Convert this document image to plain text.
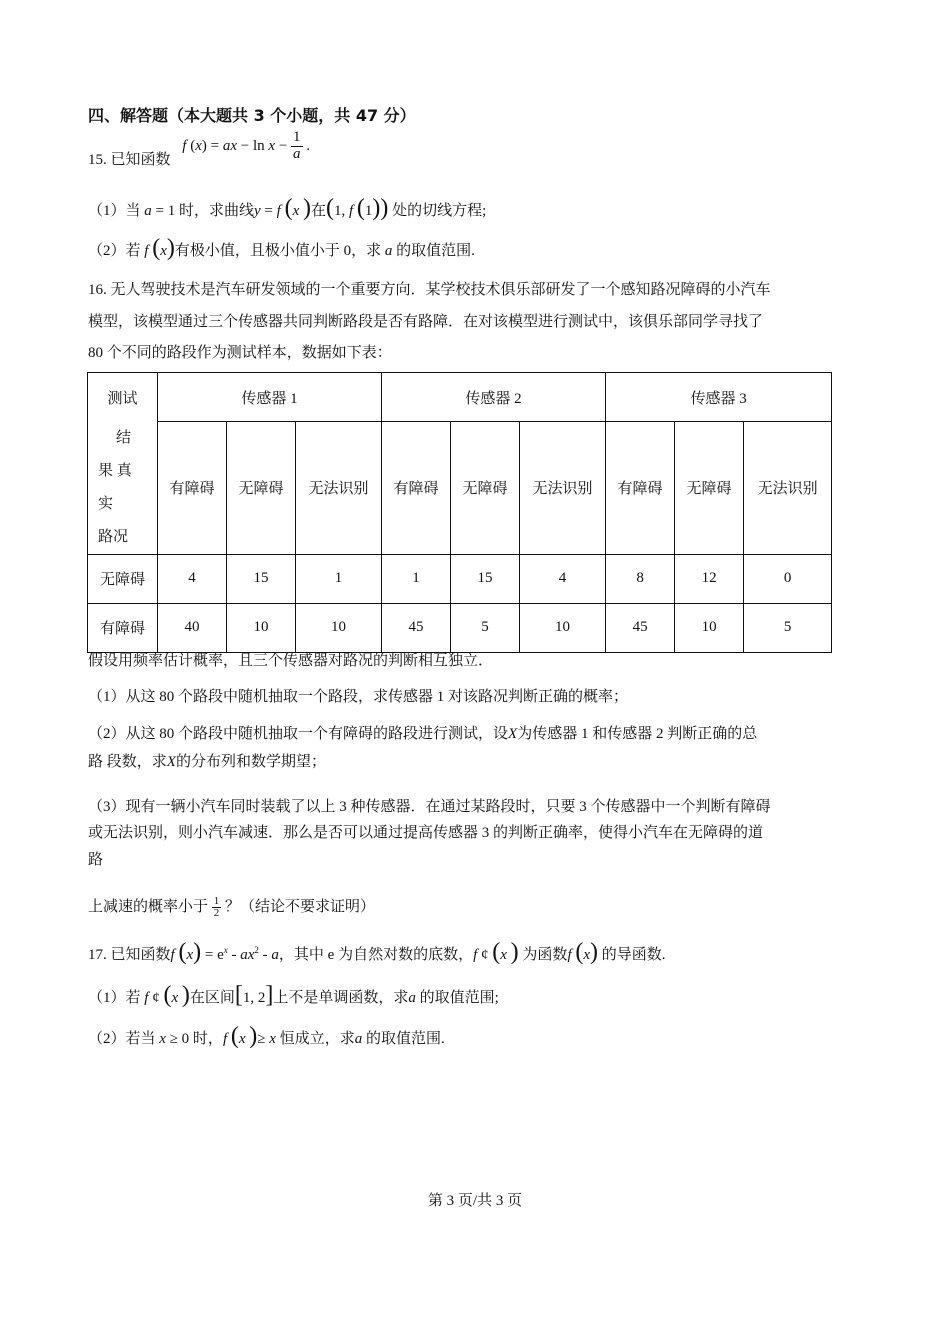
四、解答题（本大题共 3 个小题，共 47 分）
15. 已知函数 f (x) = ax − $\ln x - \frac{1}{a}$ .
（1）当 a = 1 时，求曲线y = f (x )在(1, f (1)) 处的切线方程;
（2）若 f (x)有极小值，且极小值小于 0，求 a 的取值范围.
16. 无人驾驶技术是汽车研发领域的一个重要方向．某学校技术俱乐部研发了一个感知路况障碍的小汽车
模型，该模型通过三个传感器共同判断路段是否有路障．在对该模型进行测试中，该俱乐部同学寻找了
80 个不同的路段作为测试样本，数据如下表：
测试	传感器 1			传感器 2			传感器 3		

结
果 真
实
路况	有障碍	无障碍	无法识别	有障碍	无障碍	无法识别	有障碍	无障碍	无法识别
无障碍	4	15	1	1	15	4	8	12	0
有障碍	40	10	10	45	5	10	45	10	5
假设用频率估计概率，且三个传感器对路况的判断相互独立．
（1）从这 80 个路段中随机抽取一个路段，求传感器 1 对该路况判断正确的概率；
（2）从这 80 个路段中随机抽取一个有障碍的路段进行测试，设X为传感器 1 和传感器 2 判断正确的总
路 段数，求X的分布列和数学期望；
（3）现有一辆小汽车同时装载了以上 3 种传感器．在通过某路段时，只要 3 个传感器中一个判断有障碍
或无法识别，则小汽车减速．那么是否可以通过提高传感器 3 的判断正确率，使得小汽车在无障碍的道
路
上减速的概率小于 $\frac{1}{2}$ ？（结论不要求证明）
17. 已知函数f $(x) = e^x - ax^2 - a$，其中 e 为自然对数的底数，f ¢ (x ) 为函数f (x) 的导函数.
（1）若 f ¢ (x )在区间[1, 2]上不是单调函数，求a 的取值范围;
（2）若当 x ≥ 0 时，f (x )≥ x 恒成立，求a 的取值范围.
第 3 页/共 3 页
